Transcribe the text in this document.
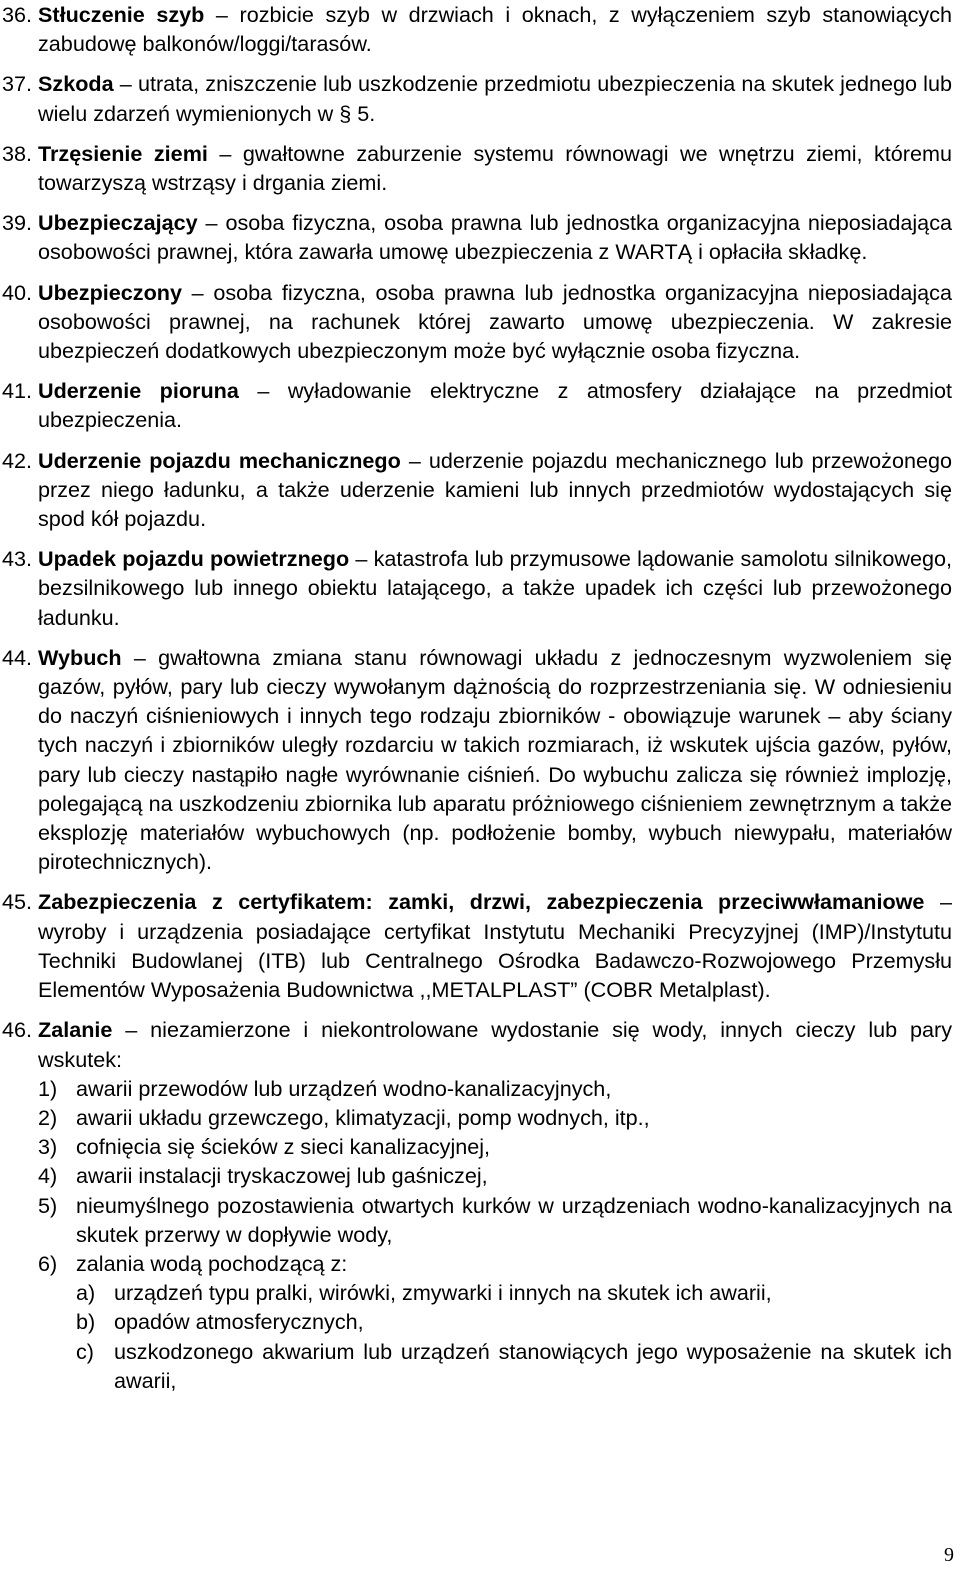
36. Stłuczenie szyb – rozbicie szyb w drzwiach i oknach, z wyłączeniem szyb stanowiących zabudowę balkonów/loggi/tarasów.
37. Szkoda – utrata, zniszczenie lub uszkodzenie przedmiotu ubezpieczenia na skutek jednego lub wielu zdarzeń wymienionych w § 5.
38. Trzęsienie ziemi – gwałtowne zaburzenie systemu równowagi we wnętrzu ziemi, któremu towarzyszą wstrząsy i drgania ziemi.
39. Ubezpieczający – osoba fizyczna, osoba prawna lub jednostka organizacyjna nieposiadająca osobowości prawnej, która zawarła umowę ubezpieczenia z WARTĄ i opłaciła składkę.
40. Ubezpieczony – osoba fizyczna, osoba prawna lub jednostka organizacyjna nieposiadająca osobowości prawnej, na rachunek której zawarto umowę ubezpieczenia. W zakresie ubezpieczeń dodatkowych ubezpieczonym może być wyłącznie osoba fizyczna.
41. Uderzenie pioruna – wyładowanie elektryczne z atmosfery działające na przedmiot ubezpieczenia.
42. Uderzenie pojazdu mechanicznego – uderzenie pojazdu mechanicznego lub przewożonego przez niego ładunku, a także uderzenie kamieni lub innych przedmiotów wydostających się spod kół pojazdu.
43. Upadek pojazdu powietrznego – katastrofa lub przymusowe lądowanie samolotu silnikowego, bezsilnikowego lub innego obiektu latającego, a także upadek ich części lub przewożonego ładunku.
44. Wybuch – gwałtowna zmiana stanu równowagi układu z jednoczesnym wyzwoleniem się gazów, pyłów, pary lub cieczy wywołanym dążnością do rozprzestrzeniania się. W odniesieniu do naczyń ciśnieniowych i innych tego rodzaju zbiorników - obowiązuje warunek – aby ściany tych naczyń i zbiorników uległy rozdarciu w takich rozmiarach, iż wskutek ujścia gazów, pyłów, pary lub cieczy nastąpiło nagłe wyrównanie ciśnień. Do wybuchu zalicza się również implozję, polegającą na uszkodzeniu zbiornika lub aparatu próżniowego ciśnieniem zewnętrznym a także eksplozję materiałów wybuchowych (np. podłożenie bomby, wybuch niewypału, materiałów pirotechnicznych).
45. Zabezpieczenia z certyfikatem: zamki, drzwi, zabezpieczenia przeciwwłamaniowe – wyroby i urządzenia posiadające certyfikat Instytutu Mechaniki Precyzyjnej (IMP)/Instytutu Techniki Budowlanej (ITB) lub Centralnego Ośrodka Badawczo-Rozwojowego Przemysłu Elementów Wyposażenia Budownictwa ,,METALPLAST” (COBR Metalplast).
46. Zalanie – niezamierzone i niekontrolowane wydostanie się wody, innych cieczy lub pary wskutek:
1) awarii przewodów lub urządzeń wodno-kanalizacyjnych,
2) awarii układu grzewczego, klimatyzacji, pomp wodnych, itp.,
3) cofnięcia się ścieków z sieci kanalizacyjnej,
4) awarii instalacji tryskaczowej lub gaśniczej,
5) nieumyślnego pozostawienia otwartych kurków w urządzeniach wodno-kanalizacyjnych na skutek przerwy w dopływie wody,
6) zalania wodą pochodzącą z:
a) urządzeń typu pralki, wirówki, zmywarki i innych na skutek ich awarii,
b) opadów atmosferycznych,
c) uszkodzonego akwarium lub urządzeń stanowiących jego wyposażenie na skutek ich awarii,
9
